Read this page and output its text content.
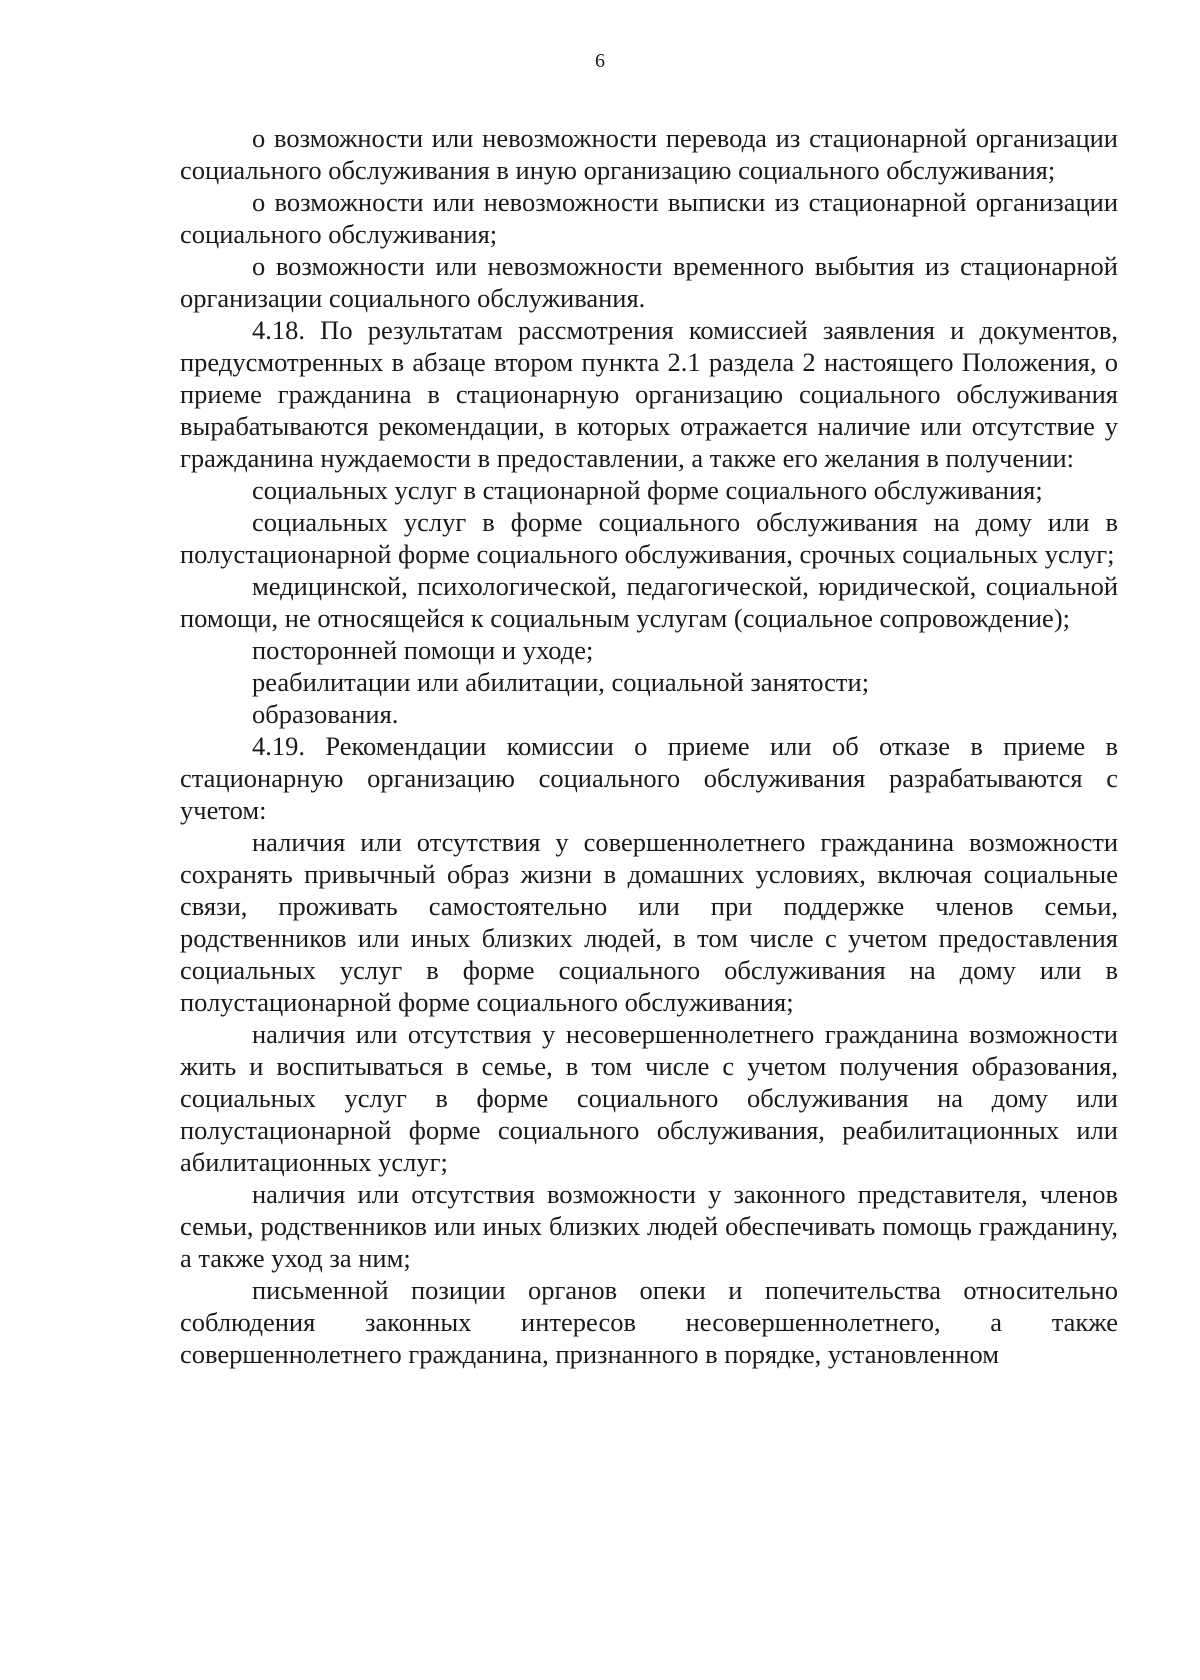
6

о возможности или невозможности перевода из стационарной организации социального обслуживания в иную организацию социального обслуживания;

о возможности или невозможности выписки из стационарной организации социального обслуживания;

о возможности или невозможности временного выбытия из стационарной организации социального обслуживания.

4.18. По результатам рассмотрения комиссией заявления и документов, предусмотренных в абзаце втором пункта 2.1 раздела 2 настоящего Положения, о приеме гражданина в стационарную организацию социального обслуживания вырабатываются рекомендации, в которых отражается наличие или отсутствие у гражданина нуждаемости в предоставлении, а также его желания в получении:

социальных услуг в стационарной форме социального обслуживания;

социальных услуг в форме социального обслуживания на дому или в полустационарной форме социального обслуживания, срочных социальных услуг;

медицинской, психологической, педагогической, юридической, социальной помощи, не относящейся к социальным услугам (социальное сопровождение);

посторонней помощи и уходе;

реабилитации или абилитации, социальной занятости;

образования.

4.19. Рекомендации комиссии о приеме или об отказе в приеме в стационарную организацию социального обслуживания разрабатываются с учетом:

наличия или отсутствия у совершеннолетнего гражданина возможности сохранять привычный образ жизни в домашних условиях, включая социальные связи, проживать самостоятельно или при поддержке членов семьи, родственников или иных близких людей, в том числе с учетом предоставления социальных услуг в форме социального обслуживания на дому или в полустационарной форме социального обслуживания;

наличия или отсутствия у несовершеннолетнего гражданина возможности жить и воспитываться в семье, в том числе с учетом получения образования, социальных услуг в форме социального обслуживания на дому или полустационарной форме социального обслуживания, реабилитационных или абилитационных услуг;

наличия или отсутствия возможности у законного представителя, членов семьи, родственников или иных близких людей обеспечивать помощь гражданину, а также уход за ним;

письменной позиции органов опеки и попечительства относительно соблюдения законных интересов несовершеннолетнего, а также совершеннолетнего гражданина, признанного в порядке, установленном
